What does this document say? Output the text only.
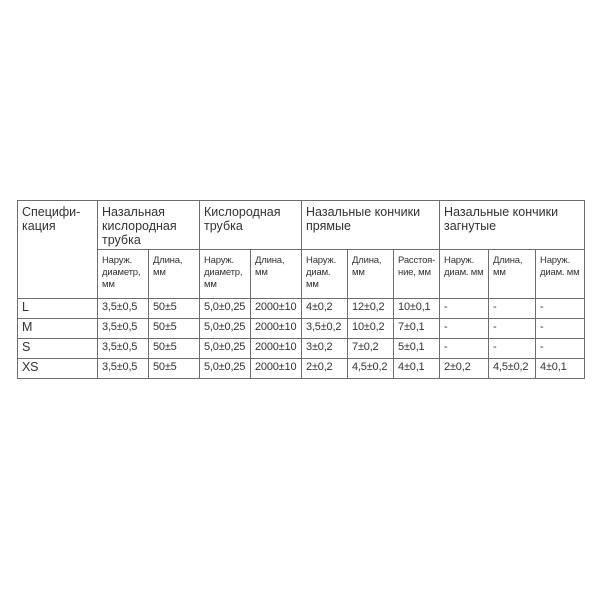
Специфи-кация	Назальная кислородная трубка		Кислородная трубка		Назальные кончики прямые			Назальные кончики загнутые		
	Наруж. диаметр, мм	Длина, мм	Наруж. диаметр, мм	Длина, мм	Наруж. диам. мм	Длина, мм	Расстоя-ние, мм	Наруж. диам. мм	Длина, мм	Наруж. диам. мм
L	3,5±0,5	50±5	5,0±0,25	2000±10	4±0,2	12±0,2	10±0,1	-	-	-
M	3,5±0,5	50±5	5,0±0,25	2000±10	3,5±0,2	10±0,2	7±0,1	-	-	-
S	3,5±0,5	50±5	5,0±0,25	2000±10	3±0,2	7±0,2	5±0,1	-	-	-
XS	3,5±0,5	50±5	5,0±0,25	2000±10	2±0,2	4,5±0,2	4±0,1	2±0,2	4,5±0,2	4±0,1
